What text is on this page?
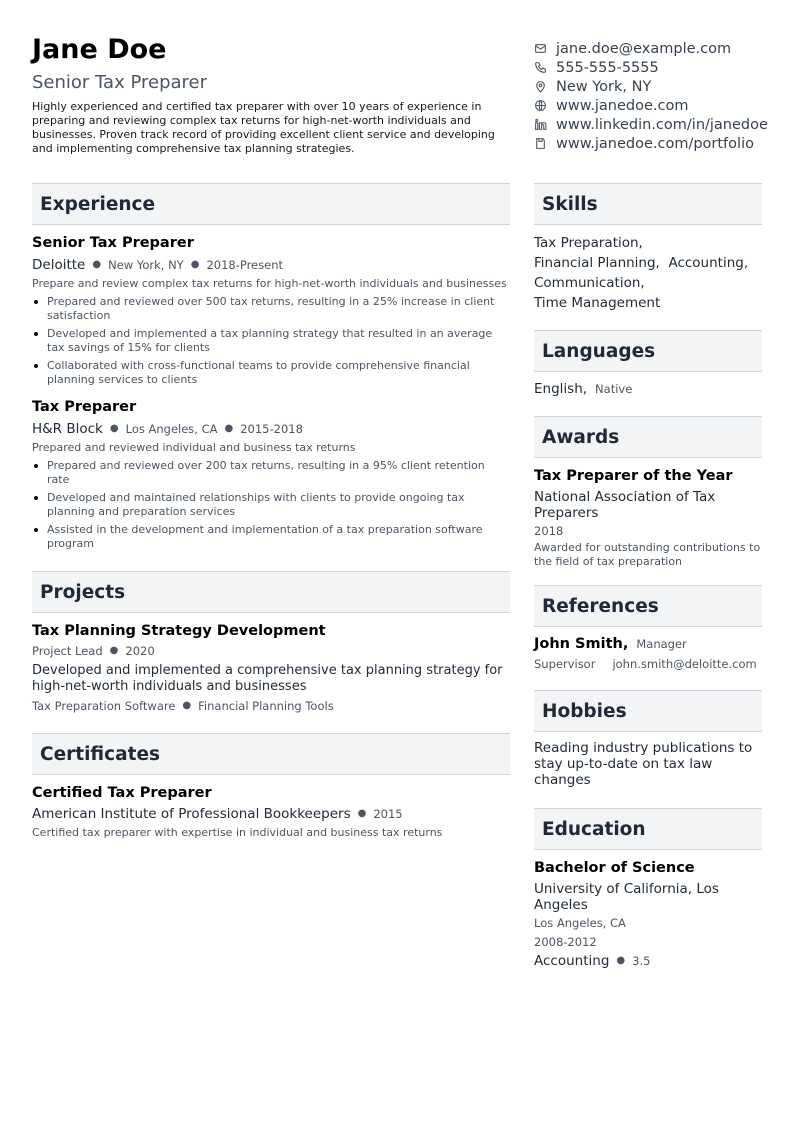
Jane Doe
Senior Tax Preparer
Highly experienced and certified tax preparer with over 10 years of experience in preparing and reviewing complex tax returns for high-net-worth individuals and businesses. Proven track record of providing excellent client service and developing and implementing comprehensive tax planning strategies.
jane.doe@example.com
555-555-5555
New York, NY
www.janedoe.com
www.linkedin.com/in/janedoe
www.janedoe.com/portfolio
Experience
Senior Tax Preparer
Deloitte ● New York, NY ● 2018-Present
Prepare and review complex tax returns for high-net-worth individuals and businesses
Prepared and reviewed over 500 tax returns, resulting in a 25% increase in client satisfaction
Developed and implemented a tax planning strategy that resulted in an average tax savings of 15% for clients
Collaborated with cross-functional teams to provide comprehensive financial planning services to clients
Tax Preparer
H&R Block ● Los Angeles, CA ● 2015-2018
Prepared and reviewed individual and business tax returns
Prepared and reviewed over 200 tax returns, resulting in a 95% client retention rate
Developed and maintained relationships with clients to provide ongoing tax planning and preparation services
Assisted in the development and implementation of a tax preparation software program
Projects
Tax Planning Strategy Development
Project Lead ● 2020
Developed and implemented a comprehensive tax planning strategy for high-net-worth individuals and businesses
Tax Preparation Software ● Financial Planning Tools
Certificates
Certified Tax Preparer
American Institute of Professional Bookkeepers ● 2015
Certified tax preparer with expertise in individual and business tax returns
Skills
Tax Preparation,
Financial Planning, Accounting,
Communication,
Time Management
Languages
English, Native
Awards
Tax Preparer of the Year
National Association of Tax Preparers
2018
Awarded for outstanding contributions to the field of tax preparation
References
John Smith, Manager
Supervisor john.smith@deloitte.com
Hobbies
Reading industry publications to stay up-to-date on tax law changes
Education
Bachelor of Science
University of California, Los Angeles
Los Angeles, CA
2008-2012
Accounting ● 3.5
